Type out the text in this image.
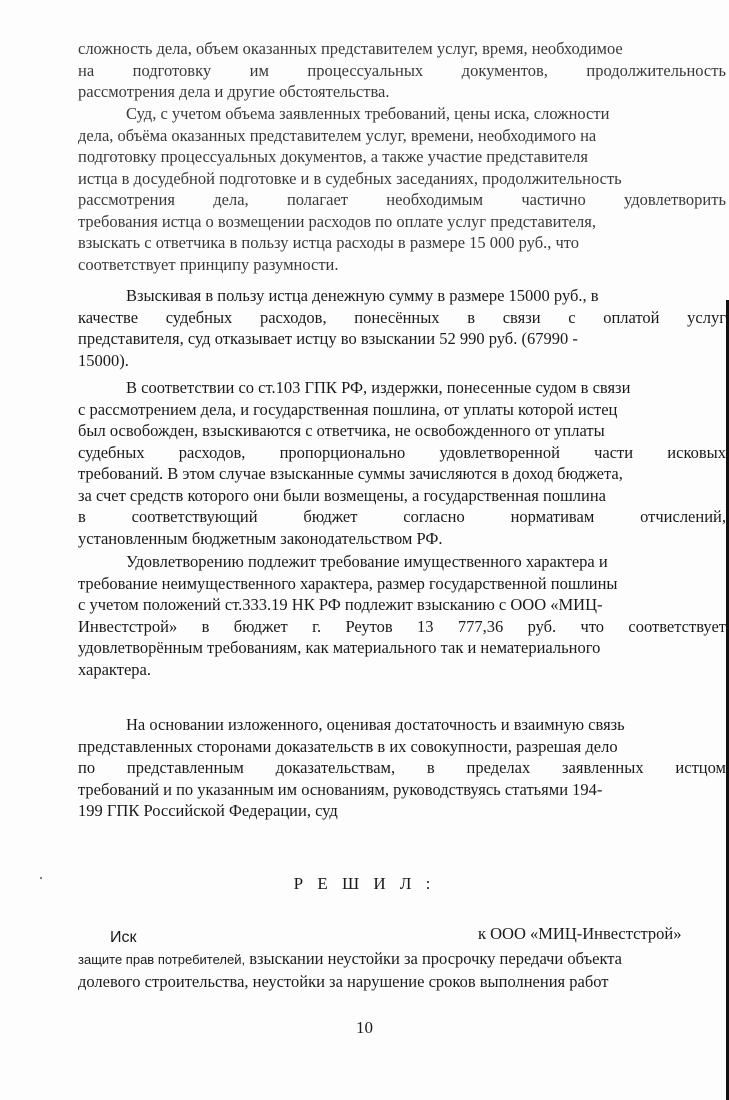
сложность дела, объем оказанных представителем услуг, время, необходимое
на подготовку им процессуальных документов, продолжительность
рассмотрения дела и другие обстоятельства.
Суд, с учетом объема заявленных требований, цены иска, сложности
дела, объёма оказанных представителем услуг, времени, необходимого на
подготовку процессуальных документов, а также участие представителя
истца в досудебной подготовке и в судебных заседаниях, продолжительность
рассмотрения дела, полагает необходимым частично удовлетворить
требования истца о возмещении расходов по оплате услуг представителя,
взыскать с ответчика в пользу истца расходы в размере 15 000 руб., что
соответствует принципу разумности.
Взыскивая в пользу истца денежную сумму в размере 15000 руб., в
качестве судебных расходов, понесённых в связи с оплатой услуг
представителя, суд отказывает истцу во взыскании 52 990 руб. (67990 -
15000).
В соответствии со ст.103 ГПК РФ, издержки, понесенные судом в связи
с рассмотрением дела, и государственная пошлина, от уплаты которой истец
был освобожден, взыскиваются с ответчика, не освобожденного от уплаты
судебных расходов, пропорционально удовлетворенной части исковых
требований. В этом случае взысканные суммы зачисляются в доход бюджета,
за счет средств которого они были возмещены, а государственная пошлина
в соответствующий бюджет согласно нормативам отчислений,
установленным бюджетным законодательством РФ.
Удовлетворению подлежит требование имущественного характера и
требование неимущественного характера, размер государственной пошлины
с учетом положений ст.333.19 НК РФ подлежит взысканию с ООО «МИЦ-
Инвестстрой» в бюджет г. Реутов 13 777,36 руб. что соответствует
удовлетворённым требованиям, как материального так и нематериального
характера.
На основании изложенного, оценивая достаточность и взаимную связь
представленных сторонами доказательств в их совокупности, разрешая дело
по представленным доказательствам, в пределах заявленных истцом
требований и по указанным им основаниям, руководствуясь статьями 194-
199 ГПК Российской Федерации, суд
Р Е Ш И Л :
Иск	к ООО «МИЦ-Инвестстрой»
защите прав потребителей, взыскании неустойки за просрочку передачи объекта
долевого строительства, неустойки за нарушение сроков выполнения работ
10
